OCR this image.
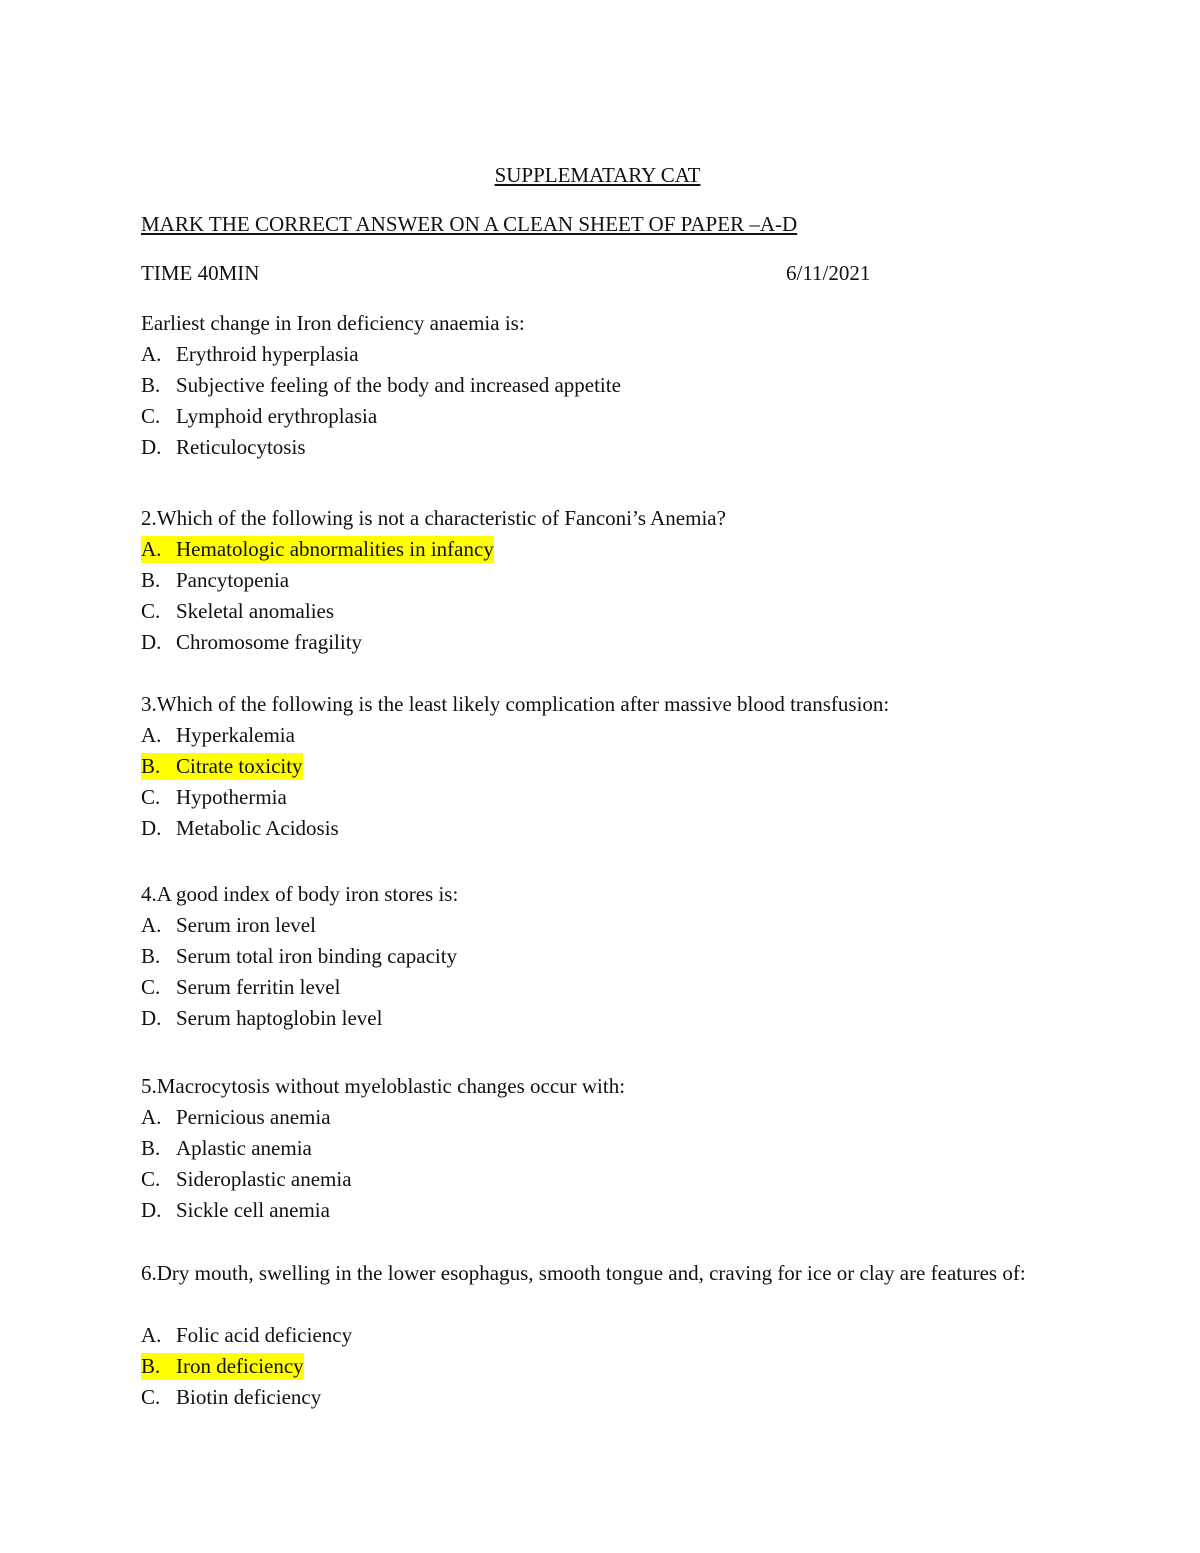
SUPPLEMATARY CAT
MARK THE CORRECT ANSWER ON A CLEAN SHEET OF PAPER –A-D
TIME 40MIN	6/11/2021
Earliest change in Iron deficiency anaemia is:
A. Erythroid hyperplasia
B. Subjective feeling of the body and increased appetite
C. Lymphoid erythroplasia
D. Reticulocytosis
2.Which of the following is not a characteristic of Fanconi’s Anemia?
A. Hematologic abnormalities in infancy
B. Pancytopenia
C. Skeletal anomalies
D. Chromosome fragility
3.Which of the following is the least likely complication after massive blood transfusion:
A. Hyperkalemia
B. Citrate toxicity
C. Hypothermia
D. Metabolic Acidosis
4.A good index of body iron stores is:
A. Serum iron level
B. Serum total iron binding capacity
C. Serum ferritin level
D. Serum haptoglobin level
5.Macrocytosis without myeloblastic changes occur with:
A. Pernicious anemia
B. Aplastic anemia
C. Sideroplastic anemia
D. Sickle cell anemia
6.Dry mouth, swelling in the lower esophagus, smooth tongue and, craving for ice or clay are features of:
A. Folic acid deficiency
B. Iron deficiency
C. Biotin deficiency
